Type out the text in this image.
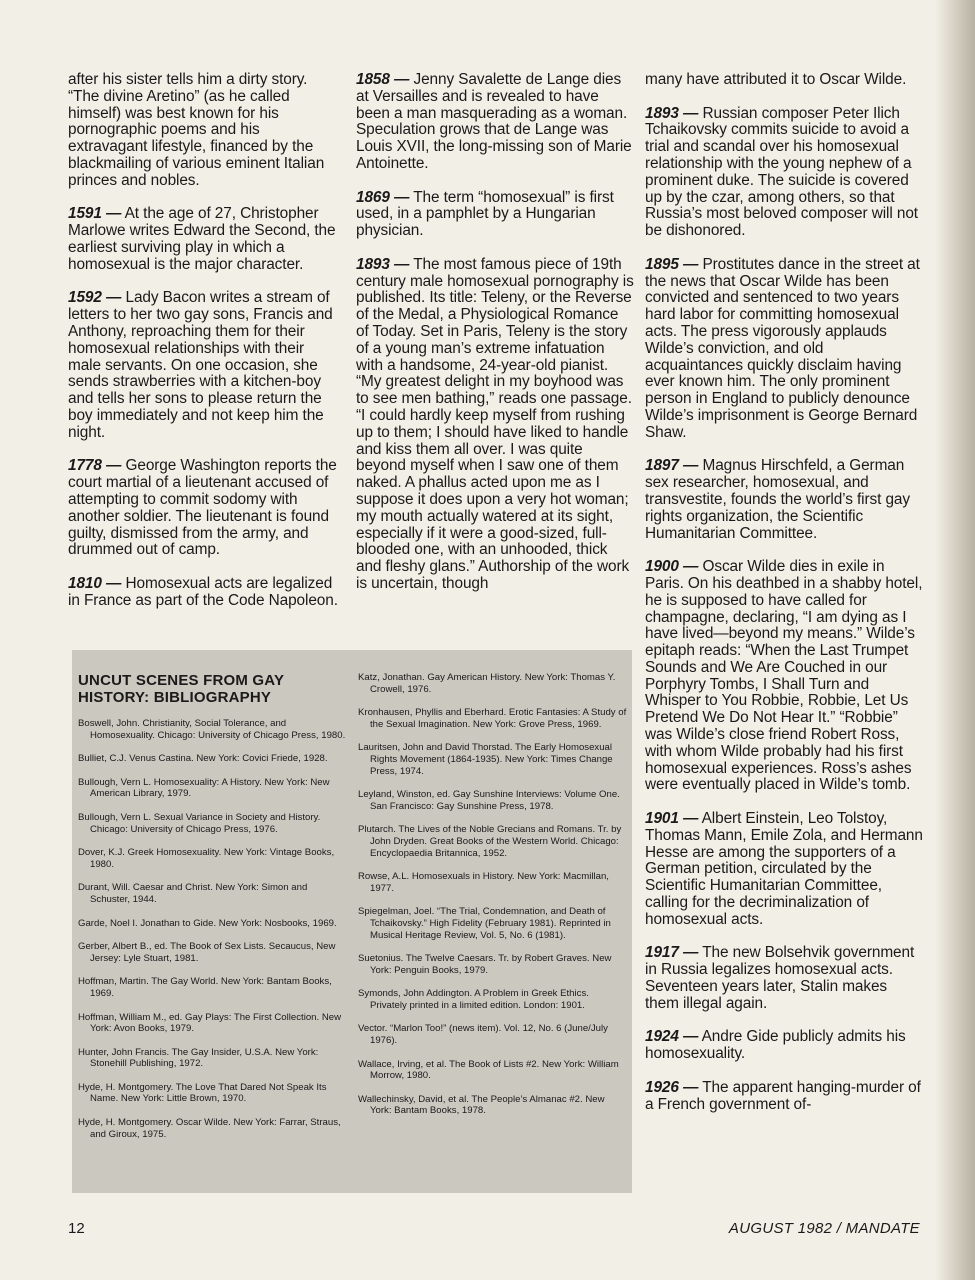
after his sister tells him a dirty story. “The divine Aretino” (as he called himself) was best known for his pornographic poems and his extravagant lifestyle, financed by the blackmailing of various eminent Italian princes and nobles.

1591 — At the age of 27, Christopher Marlowe writes Edward the Second, the earliest surviving play in which a homosexual is the major character.

1592 — Lady Bacon writes a stream of letters to her two gay sons, Francis and Anthony, reproaching them for their homosexual relationships with their male servants. On one occasion, she sends strawberries with a kitchen-boy and tells her sons to please return the boy immediately and not keep him the night.

1778 — George Washington reports the court martial of a lieutenant accused of attempting to commit sodomy with another soldier. The lieutenant is found guilty, dismissed from the army, and drummed out of camp.

1810 — Homosexual acts are legalized in France as part of the Code Napoleon.

1858 — Jenny Savalette de Lange dies at Versailles and is revealed to have been a man masquerading as a woman. Speculation grows that de Lange was Louis XVII, the long-missing son of Marie Antoinette.

1869 — The term “homosexual” is first used, in a pamphlet by a Hungarian physician.

1893 — The most famous piece of 19th century male homosexual pornography is published. Its title: Teleny, or the Reverse of the Medal, a Physiological Romance of Today. Set in Paris, Teleny is the story of a young man’s extreme infatuation with a handsome, 24-year-old pianist. “My greatest delight in my boyhood was to see men bathing,” reads one passage. “I could hardly keep myself from rushing up to them; I should have liked to handle and kiss them all over. I was quite beyond myself when I saw one of them naked. A phallus acted upon me as I suppose it does upon a very hot woman; my mouth actually watered at its sight, especially if it were a good-sized, full-blooded one, with an unhooded, thick and fleshy glans.” Authorship of the work is uncertain, though

many have attributed it to Oscar Wilde.

1893 — Russian composer Peter Ilich Tchaikovsky commits suicide to avoid a trial and scandal over his homosexual relationship with the young nephew of a prominent duke. The suicide is covered up by the czar, among others, so that Russia’s most beloved composer will not be dishonored.

1895 — Prostitutes dance in the street at the news that Oscar Wilde has been convicted and sentenced to two years hard labor for committing homosexual acts. The press vigorously applauds Wilde’s conviction, and old acquaintances quickly disclaim having ever known him. The only prominent person in England to publicly denounce Wilde’s imprisonment is George Bernard Shaw.

1897 — Magnus Hirschfeld, a German sex researcher, homosexual, and transvestite, founds the world’s first gay rights organization, the Scientific Humanitarian Committee.

1900 — Oscar Wilde dies in exile in Paris. On his deathbed in a shabby hotel, he is supposed to have called for champagne, declaring, “I am dying as I have lived—beyond my means.” Wilde’s epitaph reads: “When the Last Trumpet Sounds and We Are Couched in our Porphyry Tombs, I Shall Turn and Whisper to You Robbie, Robbie, Let Us Pretend We Do Not Hear It.” “Robbie” was Wilde’s close friend Robert Ross, with whom Wilde probably had his first homosexual experiences. Ross’s ashes were eventually placed in Wilde’s tomb.

1901 — Albert Einstein, Leo Tolstoy, Thomas Mann, Emile Zola, and Hermann Hesse are among the supporters of a German petition, circulated by the Scientific Humanitarian Committee, calling for the decriminalization of homosexual acts.

1917 — The new Bolsehvik government in Russia legalizes homosexual acts. Seventeen years later, Stalin makes them illegal again.

1924 — Andre Gide publicly admits his homosexuality.

1926 — The apparent hanging-murder of a French government of-

UNCUT SCENES FROM GAY HISTORY: BIBLIOGRAPHY
Boswell, John. Christianity, Social Tolerance, and Homosexuality. Chicago: University of Chicago Press, 1980.
Bulliet, C.J. Venus Castina. New York: Covici Friede, 1928.
Bullough, Vern L. Homosexuality: A History. New York: New American Library, 1979.
Bullough, Vern L. Sexual Variance in Society and History. Chicago: University of Chicago Press, 1976.
Dover, K.J. Greek Homosexuality. New York: Vintage Books, 1980.
Durant, Will. Caesar and Christ. New York: Simon and Schuster, 1944.
Garde, Noel I. Jonathan to Gide. New York: Nosbooks, 1969.
Gerber, Albert B., ed. The Book of Sex Lists. Secaucus, New Jersey: Lyle Stuart, 1981.
Hoffman, Martin. The Gay World. New York: Bantam Books, 1969.
Hoffman, William M., ed. Gay Plays: The First Collection. New York: Avon Books, 1979.
Hunter, John Francis. The Gay Insider, U.S.A. New York: Stonehill Publishing, 1972.
Hyde, H. Montgomery. The Love That Dared Not Speak Its Name. New York: Little Brown, 1970.
Hyde, H. Montgomery. Oscar Wilde. New York: Farrar, Straus, and Giroux, 1975.
Katz, Jonathan. Gay American History. New York: Thomas Y. Crowell, 1976.
Kronhausen, Phyllis and Eberhard. Erotic Fantasies: A Study of the Sexual Imagination. New York: Grove Press, 1969.
Lauritsen, John and David Thorstad. The Early Homosexual Rights Movement (1864-1935). New York: Times Change Press, 1974.
Leyland, Winston, ed. Gay Sunshine Interviews: Volume One. San Francisco: Gay Sunshine Press, 1978.
Plutarch. The Lives of the Noble Grecians and Romans. Tr. by John Dryden. Great Books of the Western World. Chicago: Encyclopaedia Britannica, 1952.
Rowse, A.L. Homosexuals in History. New York: Macmillan, 1977.
Spiegelman, Joel. “The Trial, Condemnation, and Death of Tchaikovsky.” High Fidelity (February 1981). Reprinted in Musical Heritage Review, Vol. 5, No. 6 (1981).
Suetonius. The Twelve Caesars. Tr. by Robert Graves. New York: Penguin Books, 1979.
Symonds, John Addington. A Problem in Greek Ethics. Privately printed in a limited edition. London: 1901.
Vector. “Marlon Too!” (news item). Vol. 12, No. 6 (June/July 1976).
Wallace, Irving, et al. The Book of Lists #2. New York: William Morrow, 1980.
Wallechinsky, David, et al. The People’s Almanac #2. New York: Bantam Books, 1978.
12	AUGUST 1982 / MANDATE
